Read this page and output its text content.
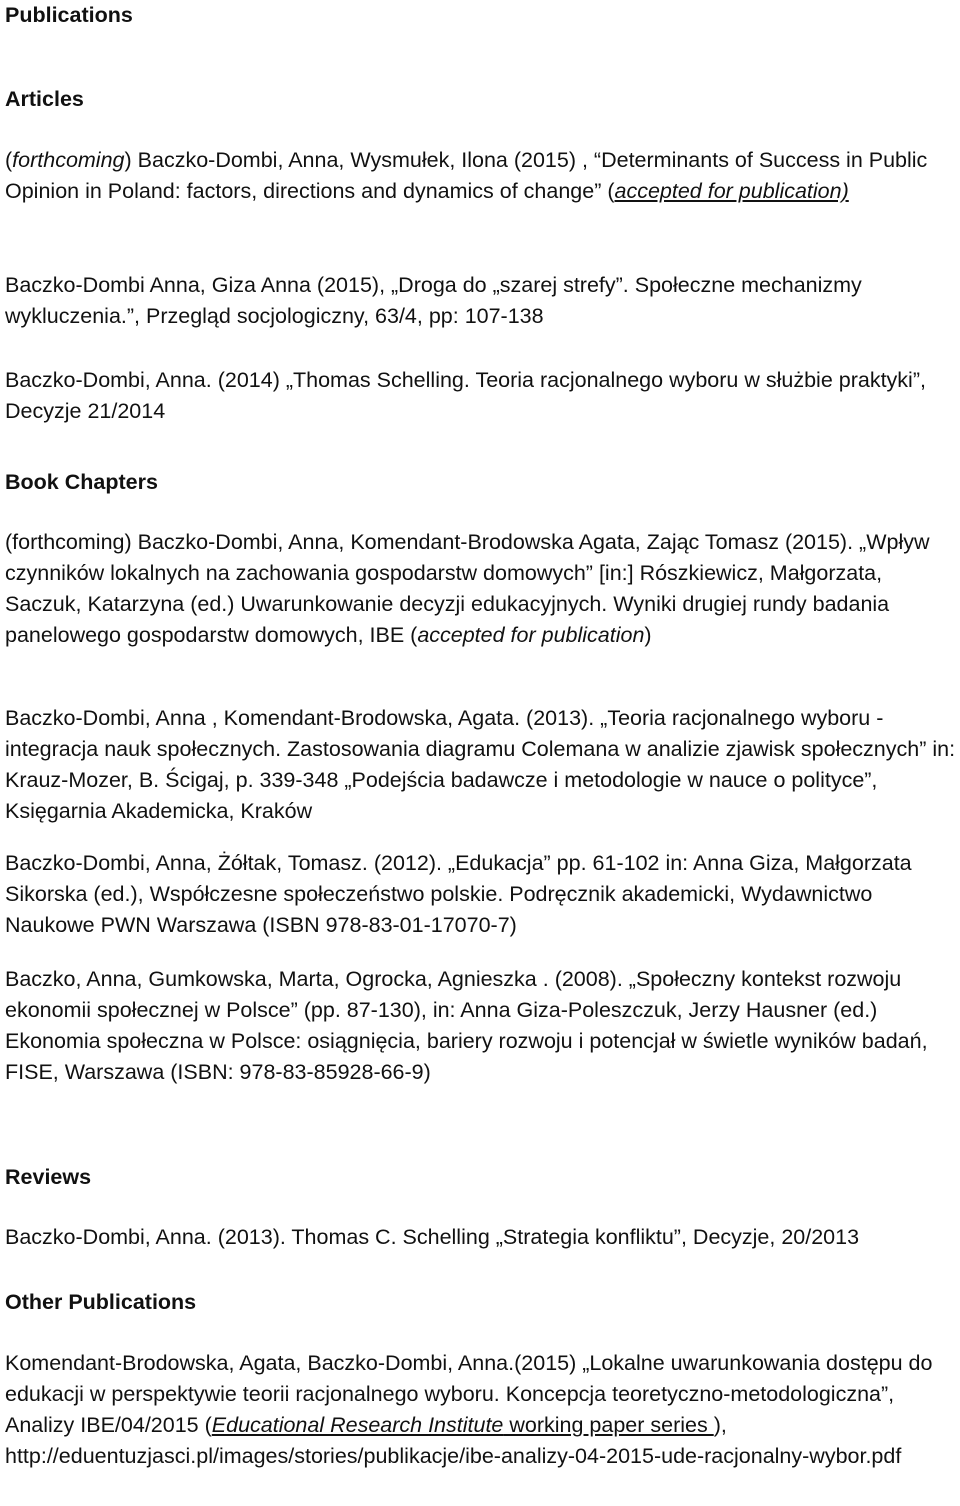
Publications
Articles

(forthcoming) Baczko-Dombi, Anna, Wysmułek, Ilona (2015) , “Determinants of Success in Public Opinion in Poland: factors, directions and dynamics of change” (accepted for publication)

Baczko-Dombi Anna, Giza Anna (2015), „Droga do „szarej strefy”. Społeczne mechanizmy wykluczenia.”, Przegląd socjologiczny, 63/4, pp: 107-138

Baczko-Dombi, Anna. (2014) „Thomas Schelling. Teoria racjonalnego wyboru w służbie praktyki”, Decyzje 21/2014

Book Chapters

(forthcoming) Baczko-Dombi, Anna, Komendant-Brodowska Agata, Zając Tomasz (2015). „Wpływ czynników lokalnych na zachowania gospodarstw domowych” [in:] Rószkiewicz, Małgorzata, Saczuk, Katarzyna (ed.) Uwarunkowanie decyzji edukacyjnych. Wyniki drugiej rundy badania panelowego gospodarstw domowych, IBE (accepted for publication)

Baczko-Dombi, Anna , Komendant-Brodowska, Agata. (2013). „Teoria racjonalnego wyboru - integracja nauk społecznych. Zastosowania diagramu Colemana w analizie zjawisk społecznych” in: Krauz-Mozer, B. Ścigaj, p. 339-348 „Podejścia badawcze i metodologie w nauce o polityce”, Księgarnia Akademicka, Kraków

Baczko-Dombi, Anna, Żółtak, Tomasz. (2012). „Edukacja” pp. 61-102 in: Anna Giza, Małgorzata Sikorska (ed.), Współczesne społeczeństwo polskie. Podręcznik akademicki, Wydawnictwo Naukowe PWN Warszawa (ISBN 978-83-01-17070-7)

Baczko, Anna, Gumkowska, Marta, Ogrocka, Agnieszka . (2008). „Społeczny kontekst rozwoju ekonomii społecznej w Polsce” (pp. 87-130), in: Anna Giza-Poleszczuk, Jerzy Hausner (ed.) Ekonomia społeczna w Polsce: osiągnięcia, bariery rozwoju i potencjał w świetle wyników badań, FISE, Warszawa (ISBN: 978-83-85928-66-9)

Reviews

Baczko-Dombi, Anna. (2013). Thomas C. Schelling „Strategia konfliktu”, Decyzje, 20/2013

Other Publications

Komendant-Brodowska, Agata, Baczko-Dombi, Anna.(2015) „Lokalne uwarunkowania dostępu do edukacji w perspektywie teorii racjonalnego wyboru. Koncepcja teoretyczno-metodologiczna”, Analizy IBE/04/2015 (Educational Research Institute working paper series ), http://eduentuzjasci.pl/images/stories/publikacje/ibe-analizy-04-2015-ude-racjonalny-wybor.pdf
